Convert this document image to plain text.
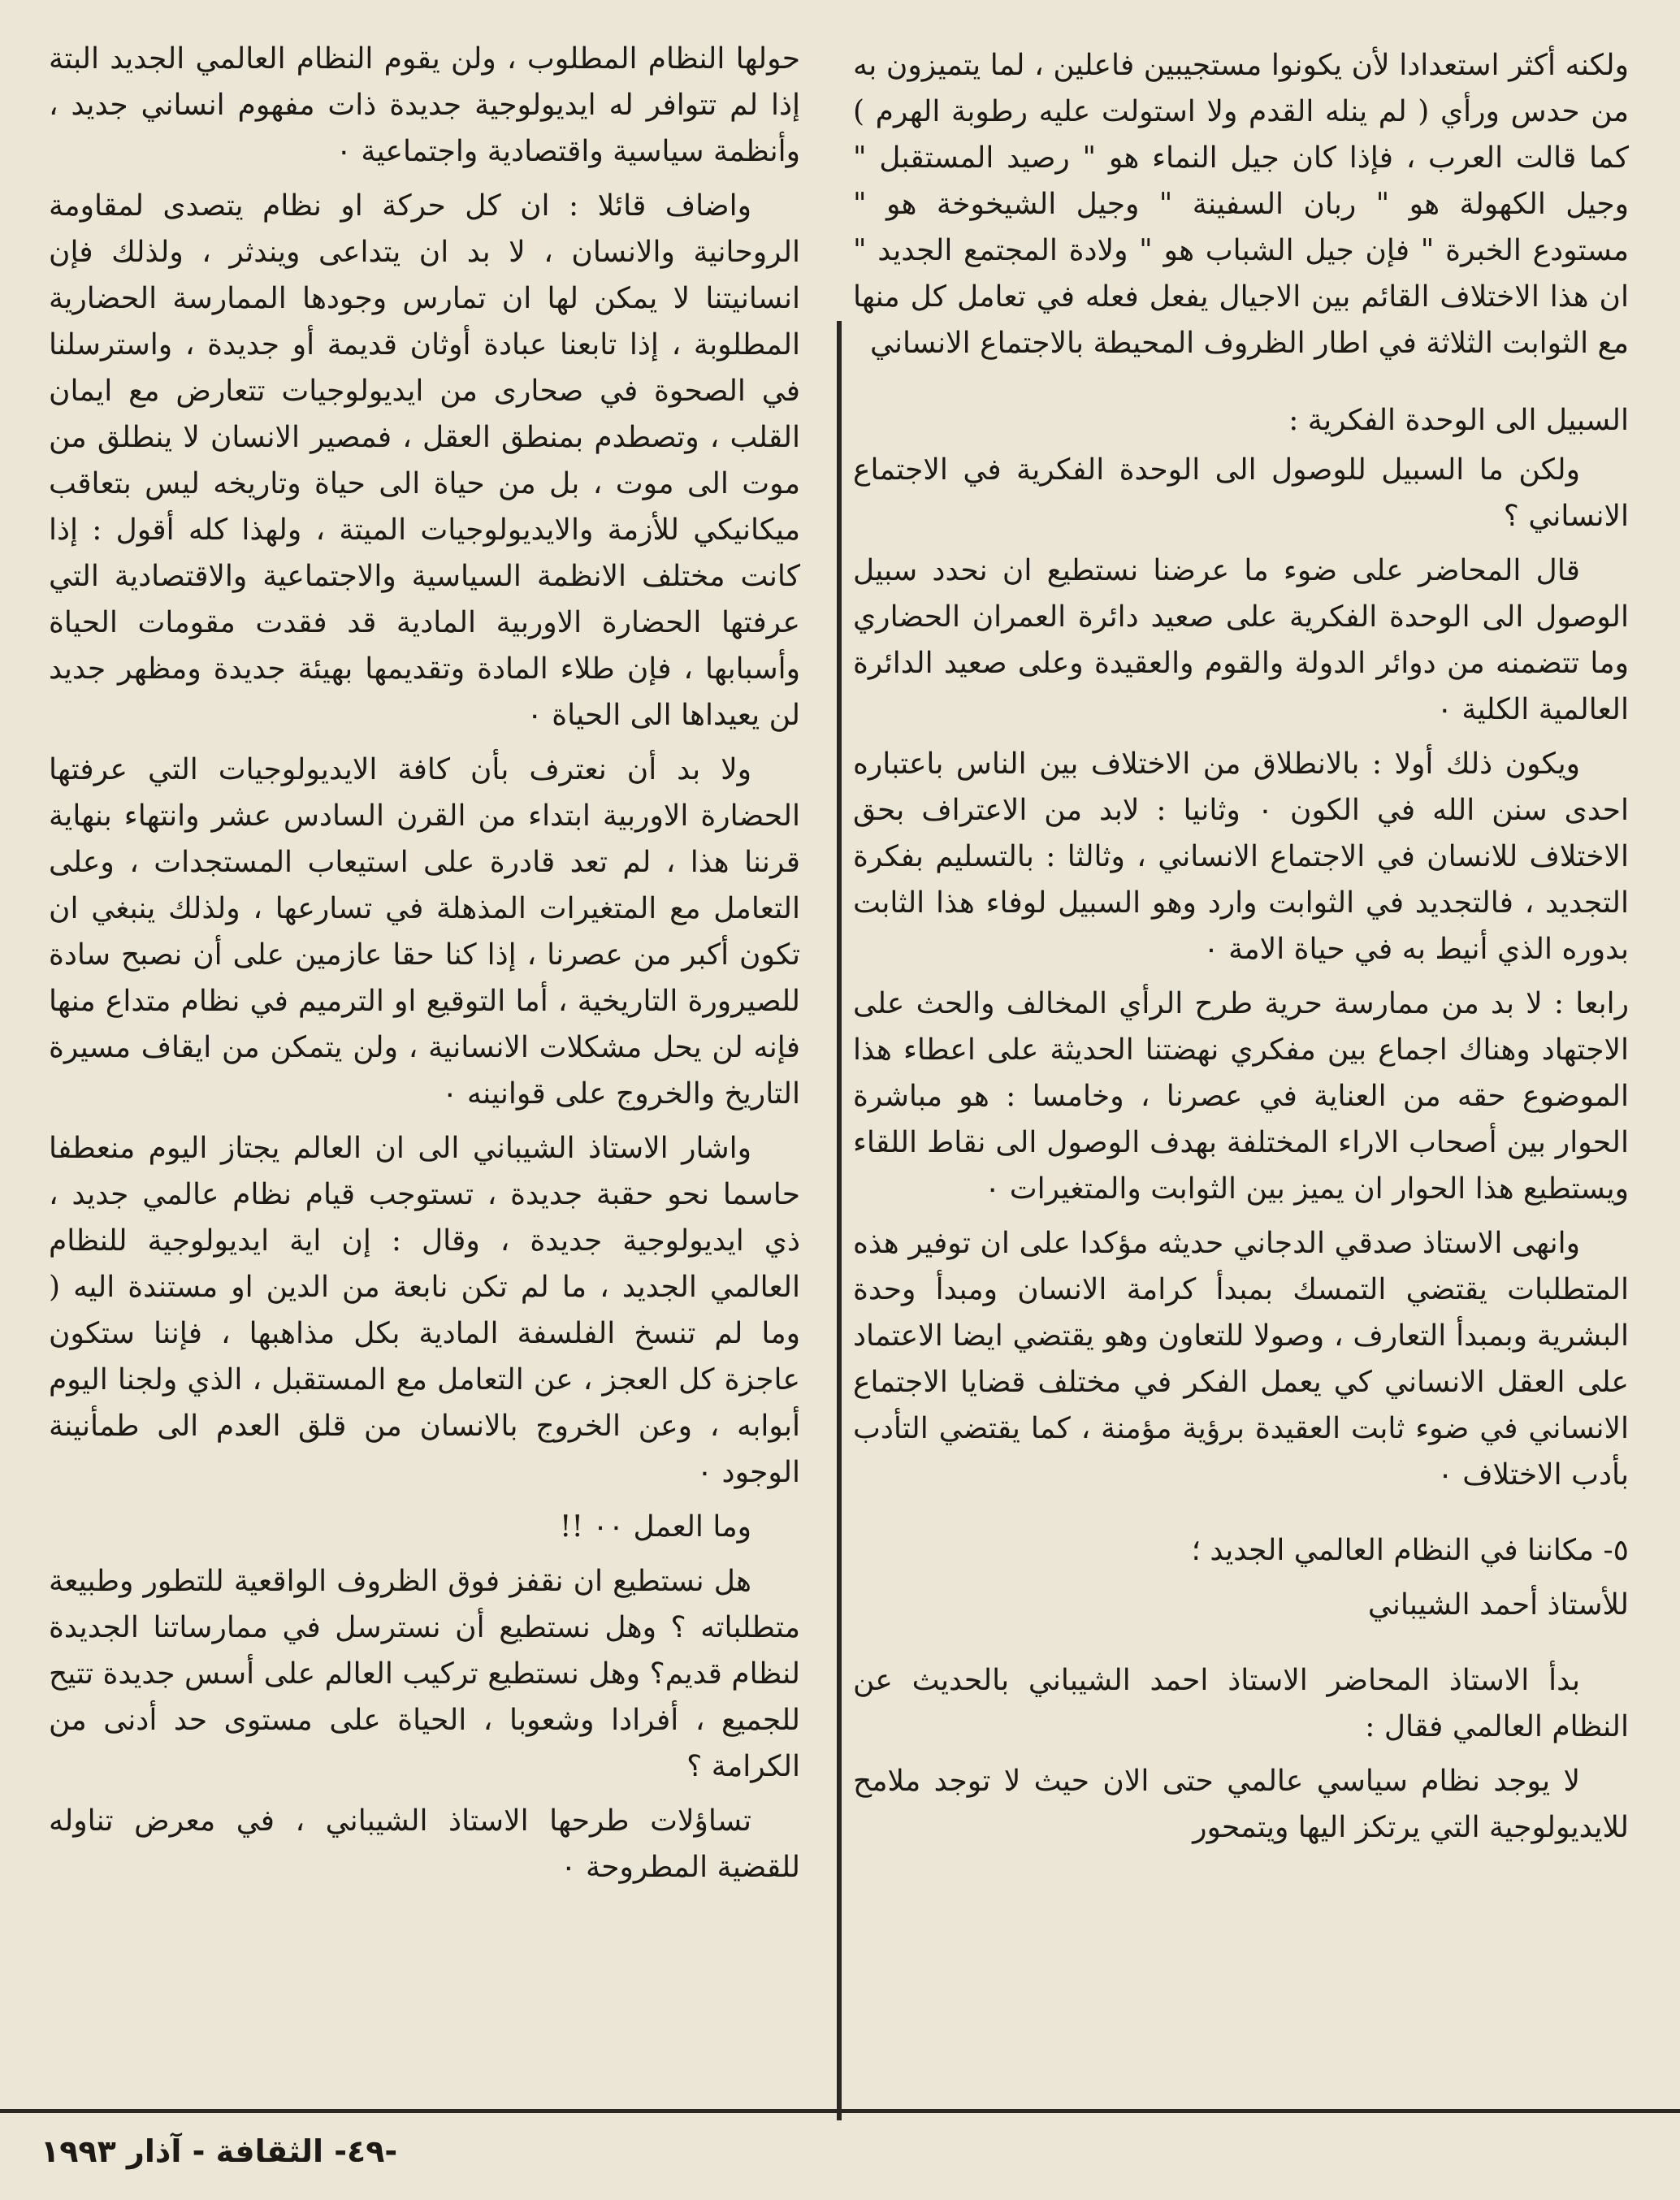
ولكنه أكثر استعدادا لأن يكونوا مستجيبين فاعلين ، لما يتميزون به من حدس ورأي ( لم ينله القدم ولا استولت عليه رطوبة الهرم ) كما قالت العرب ، فإذا كان جيل النماء هو " رصيد المستقبل " وجيل الكهولة هو " ربان السفينة " وجيل الشيخوخة هو " مستودع الخبرة " فإن جيل الشباب هو " ولادة المجتمع الجديد " ان هذا الاختلاف القائم بين الاجيال يفعل فعله في تعامل كل منها مع الثوابت الثلاثة في اطار الظروف المحيطة بالاجتماع الانساني

السبيل الى الوحدة الفكرية :

ولكن ما السبيل للوصول الى الوحدة الفكرية في الاجتماع الانساني ؟

قال المحاضر على ضوء ما عرضنا نستطيع ان نحدد سبيل الوصول الى الوحدة الفكرية على صعيد دائرة العمران الحضاري وما تتضمنه من دوائر الدولة والقوم والعقيدة وعلى صعيد الدائرة العالمية الكلية ٠

ويكون ذلك أولا : بالانطلاق من الاختلاف بين الناس باعتباره احدى سنن الله في الكون ٠ وثانيا : لابد من الاعتراف بحق الاختلاف للانسان في الاجتماع الانساني ، وثالثا : بالتسليم بفكرة التجديد ، فالتجديد في الثوابت وارد وهو السبيل لوفاء هذا الثابت بدوره الذي أنيط به في حياة الامة ٠

رابعا : لا بد من ممارسة حرية طرح الرأي المخالف والحث على الاجتهاد وهناك اجماع بين مفكري نهضتنا الحديثة على اعطاء هذا الموضوع حقه من العناية في عصرنا ، وخامسا : هو مباشرة الحوار بين أصحاب الاراء المختلفة بهدف الوصول الى نقاط اللقاء ويستطيع هذا الحوار ان يميز بين الثوابت والمتغيرات ٠

وانهى الاستاذ صدقي الدجاني حديثه مؤكدا على ان توفير هذه المتطلبات يقتضي التمسك بمبدأ كرامة الانسان ومبدأ وحدة البشرية وبمبدأ التعارف ، وصولا للتعاون وهو يقتضي ايضا الاعتماد على العقل الانساني كي يعمل الفكر في مختلف قضايا الاجتماع الانساني في ضوء ثابت العقيدة برؤية مؤمنة ، كما يقتضي التأدب بأدب الاختلاف ٠

٥- مكاننا في النظام العالمي الجديد ؛

للأستاذ أحمد الشيباني

بدأ الاستاذ المحاضر الاستاذ احمد الشيباني بالحديث عن النظام العالمي فقال :

لا يوجد نظام سياسي عالمي حتى الان حيث لا توجد ملامح للايديولوجية التي يرتكز اليها ويتمحور

حولها النظام المطلوب ، ولن يقوم النظام العالمي الجديد البتة إذا لم تتوافر له ايديولوجية جديدة ذات مفهوم انساني جديد ، وأنظمة سياسية واقتصادية واجتماعية ٠

واضاف قائلا : ان كل حركة او نظام يتصدى لمقاومة الروحانية والانسان ، لا بد ان يتداعى ويندثر ، ولذلك فإن انسانيتنا لا يمكن لها ان تمارس وجودها الممارسة الحضارية المطلوبة ، إذا تابعنا عبادة أوثان قديمة أو جديدة ، واسترسلنا في الصحوة في صحارى من ايديولوجيات تتعارض مع ايمان القلب ، وتصطدم بمنطق العقل ، فمصير الانسان لا ينطلق من موت الى موت ، بل من حياة الى حياة وتاريخه ليس بتعاقب ميكانيكي للأزمة والايديولوجيات الميتة ، ولهذا كله أقول : إذا كانت مختلف الانظمة السياسية والاجتماعية والاقتصادية التي عرفتها الحضارة الاوربية المادية قد فقدت مقومات الحياة وأسبابها ، فإن طلاء المادة وتقديمها بهيئة جديدة ومظهر جديد لن يعيداها الى الحياة ٠

ولا بد أن نعترف بأن كافة الايديولوجيات التي عرفتها الحضارة الاوربية ابتداء من القرن السادس عشر وانتهاء بنهاية قرننا هذا ، لم تعد قادرة على استيعاب المستجدات ، وعلى التعامل مع المتغيرات المذهلة في تسارعها ، ولذلك ينبغي ان تكون أكبر من عصرنا ، إذا كنا حقا عازمين على أن نصبح سادة للصيرورة التاريخية ، أما التوقيع او الترميم في نظام متداع منها فإنه لن يحل مشكلات الانسانية ، ولن يتمكن من ايقاف مسيرة التاريخ والخروج على قوانينه ٠

واشار الاستاذ الشيباني الى ان العالم يجتاز اليوم منعطفا حاسما نحو حقبة جديدة ، تستوجب قيام نظام عالمي جديد ، ذي ايديولوجية جديدة ، وقال : إن اية ايديولوجية للنظام العالمي الجديد ، ما لم تكن نابعة من الدين او مستندة اليه ( وما لم تنسخ الفلسفة المادية بكل مذاهبها ، فإننا ستكون عاجزة كل العجز ، عن التعامل مع المستقبل ، الذي ولجنا اليوم أبوابه ، وعن الخروج بالانسان من قلق العدم الى طمأنينة الوجود ٠

وما العمل ٠٠ !!

هل نستطيع ان نقفز فوق الظروف الواقعية للتطور وطبيعة متطلباته ؟ وهل نستطيع أن نسترسل في ممارساتنا الجديدة لنظام قديم؟ وهل نستطيع تركيب العالم على أسس جديدة تتيح للجميع ، أفرادا وشعوبا ، الحياة على مستوى حد أدنى من الكرامة ؟

تساؤلات طرحها الاستاذ الشيباني ، في معرض تناوله للقضية المطروحة ٠

-٤٩- الثقافة - آذار ١٩٩٣
